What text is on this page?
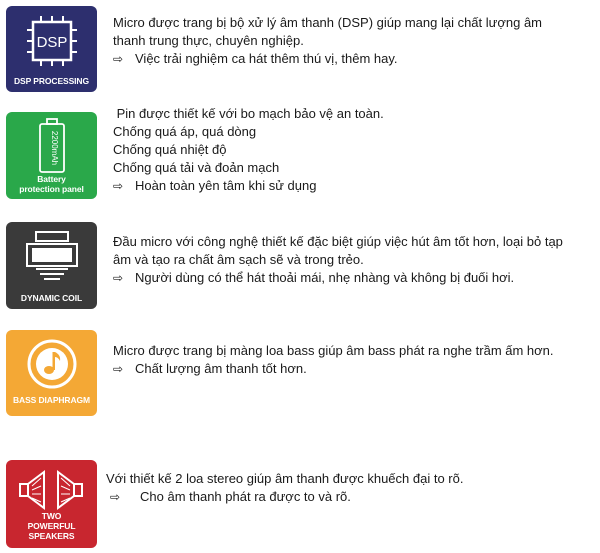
DSP
DSP PROCESSING

Micro được trang bị bộ xử lý âm thanh (DSP) giúp mang lại chất lượng âm

thanh trung thực, chuyên nghiệp.

⇨ Việc trải nghiệm ca hát thêm thú vị, thêm hay.

2200mAh
Battery protection panel

Pin được thiết kế với bo mạch bảo vệ an toàn.

Chống quá áp, quá dòng

Chống quá nhiệt độ

Chống quá tải và đoản mạch

⇨ Hoàn toàn yên tâm khi sử dụng

DYNAMIC COIL

Đầu micro với công nghệ thiết kế đặc biệt giúp việc hút âm tốt hơn, loại bỏ tạp

âm và tạo ra chất âm sạch sẽ và trong trẻo.

⇨ Người dùng có thể hát thoải mái, nhẹ nhàng và không bị đuối hơi.

BASS DIAPHRAGM

Micro được trang bị màng loa bass giúp âm bass phát ra nghe trầm ấm hơn.

⇨ Chất lượng âm thanh tốt hơn.

TWO POWERFUL SPEAKERS

Với thiết kế 2 loa stereo giúp âm thanh được khuếch đại to rõ.

⇨ Cho âm thanh phát ra được to và rõ.
